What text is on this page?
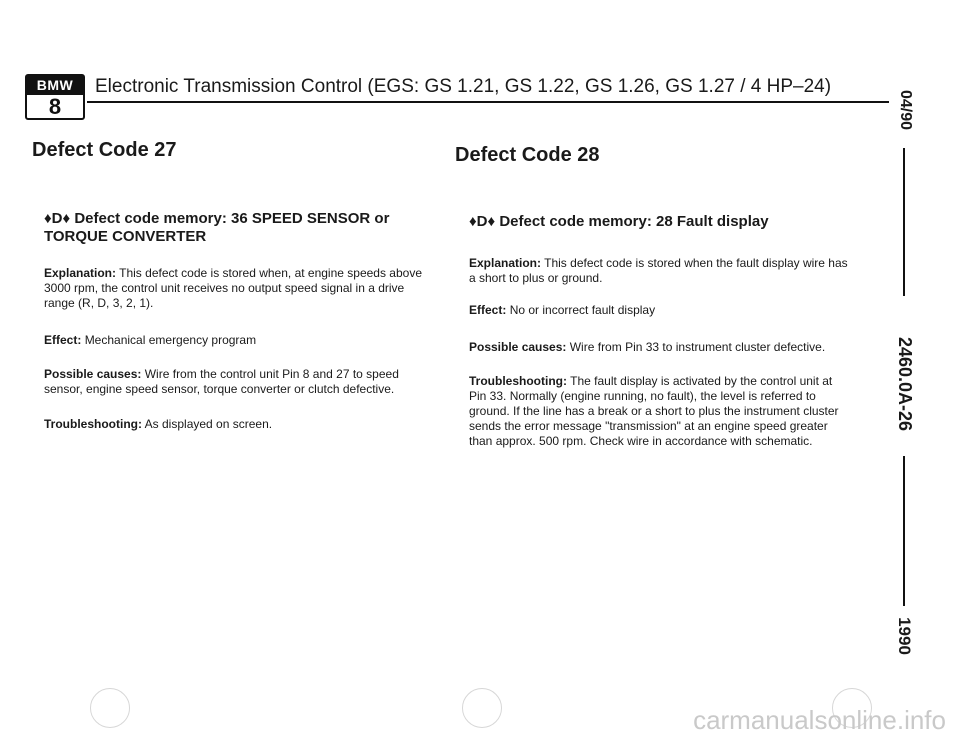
BMW
8
Electronic Transmission Control (EGS: GS 1.21, GS 1.22, GS 1.26, GS 1.27 / 4 HP–24)
04/90
2460.0A-26
1990
Defect Code 27
♦D♦ Defect code memory: 36 SPEED SENSOR or TORQUE CONVERTER
Explanation: This defect code is stored when, at engine speeds above 3000 rpm, the control unit receives no output speed signal in a drive range (R, D, 3, 2, 1).
Effect: Mechanical emergency program
Possible causes: Wire from the control unit Pin 8 and 27 to speed sensor, engine speed sensor, torque converter or clutch defective.
Troubleshooting: As displayed on screen.
Defect Code 28
♦D♦ Defect code memory: 28 Fault display
Explanation: This defect code is stored when the fault display wire has a short to plus or ground.
Effect: No or incorrect fault display
Possible causes: Wire from Pin 33 to instrument cluster defective.
Troubleshooting: The fault display is activated by the control unit at Pin 33. Normally (engine running, no fault), the level is referred to ground. If the line has a break or a short to plus the instrument cluster sends the error message "transmission" at an engine speed greater than approx. 500 rpm. Check wire in accordance with schematic.
carmanualsonline.info
